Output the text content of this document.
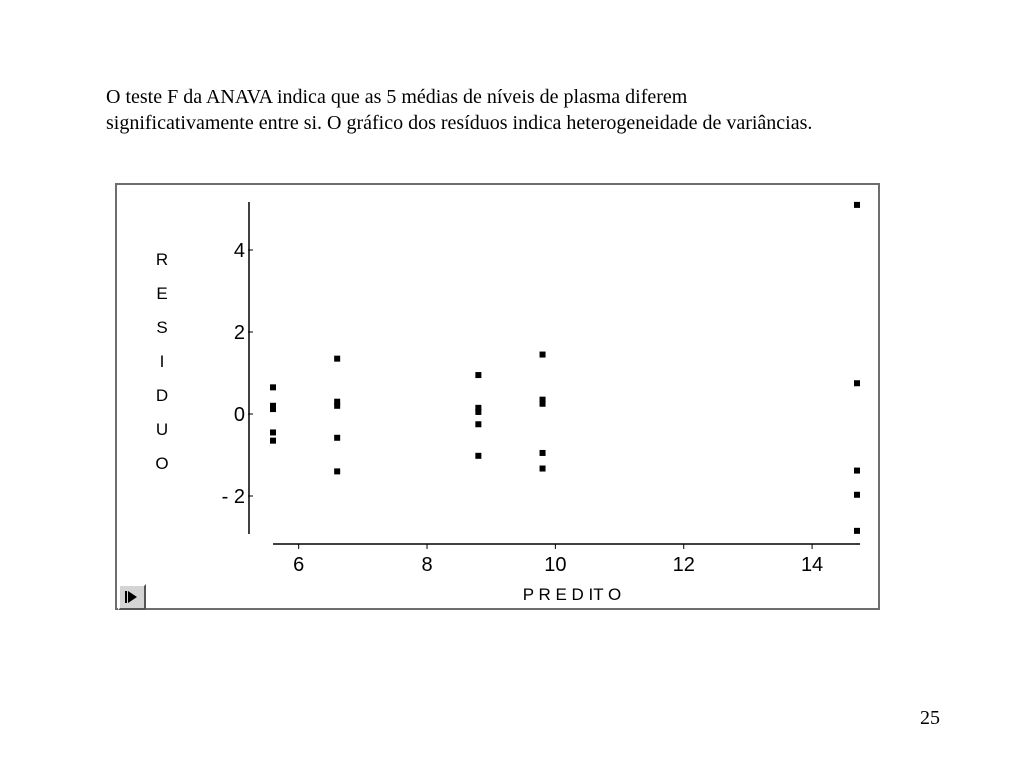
O teste F da ANAVA indica que as 5 médias de níveis de plasma diferem
significativamente entre si. O gráfico dos resíduos indica heterogeneidade de variâncias.
4
2
0
- 2
6	8	10	12	14
P R E D IT O
R
E
S
I
D
U
O
25
